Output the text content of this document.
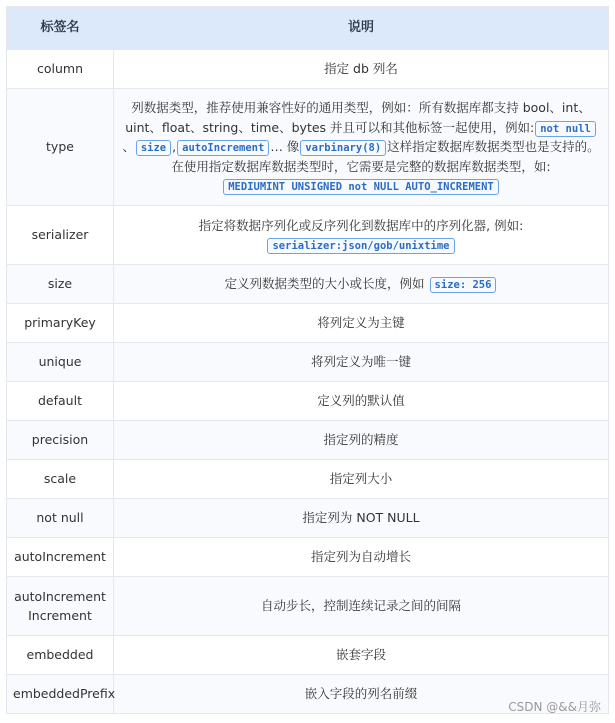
标签名	说明
column	指定 db 列名
type	列数据类型，推荐使用兼容性好的通用类型，例如：所有数据库都支持 bool、int、uint、float、string、time、bytes 并且可以和其他标签一起使用，例如: not null、 size , autoIncrement … 像 varbinary(8) 这样指定数据库数据类型也是支持的。在使用指定数据库数据类型时，它需要是完整的数据库数据类型，如:MEDIUMINT UNSIGNED not NULL AUTO_INCREMENT
serializer	指定将数据序列化或反序列化到数据库中的序列化器, 例如:
serializer:json/gob/unixtime
size	定义列数据类型的大小或长度，例如 size: 256
primaryKey	将列定义为主键
unique	将列定义为唯一键
default	定义列的默认值
precision	指定列的精度
scale	指定列大小
not null	指定列为 NOT NULL
autoIncrement	指定列为自动增长
autoIncrementIncrement	自动步长，控制连续记录之间的间隔
embedded	嵌套字段
embeddedPrefix	嵌入字段的列名前缀
CSDN @&&月弥
